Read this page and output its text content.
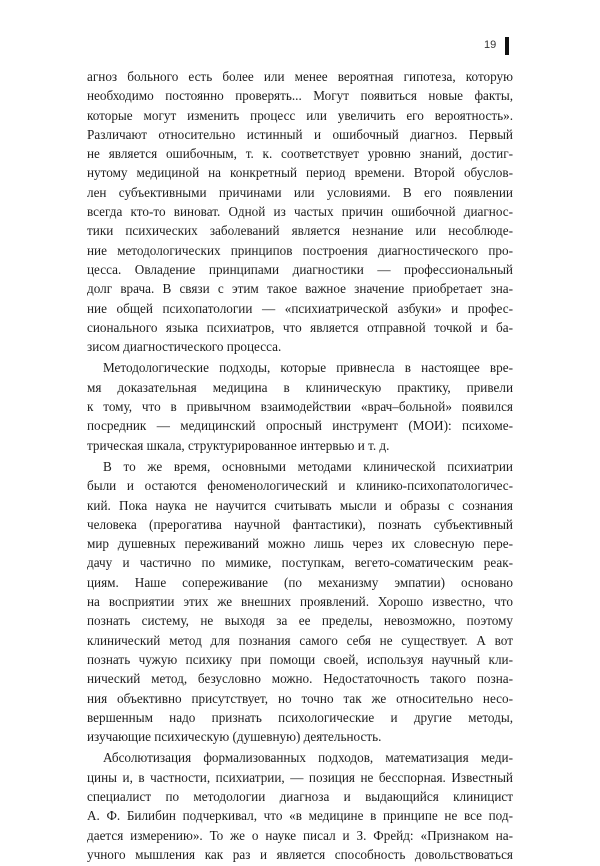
19
агноз больного есть более или менее вероятная гипотеза, которую
необходимо постоянно проверять... Могут появиться новые факты,
которые могут изменить процесс или увеличить его вероятность».
Различают относительно истинный и ошибочный диагноз. Первый
не является ошибочным, т. к. соответствует уровню знаний, достиг-
нутому медициной на конкретный период времени. Второй обуслов-
лен субъективными причинами или условиями. В его появлении
всегда кто-то виноват. Одной из частых причин ошибочной диагнос-
тики психических заболеваний является незнание или несоблюде-
ние методологических принципов построения диагностического про-
цесса. Овладение принципами диагностики — профессиональный
долг врача. В связи с этим такое важное значение приобретает зна-
ние общей психопатологии — «психиатрической азбуки» и профес-
сионального языка психиатров, что является отправной точкой и ба-
зисом диагностического процесса.
Методологические подходы, которые привнесла в настоящее вре-
мя доказательная медицина в клиническую практику, привели
к тому, что в привычном взаимодействии «врач–больной» появился
посредник — медицинский опросный инструмент (МОИ): психоме-
трическая шкала, структурированное интервью и т. д.
В то же время, основными методами клинической психиатрии
были и остаются феноменологический и клинико-психопатологичес-
кий. Пока наука не научится считывать мысли и образы с сознания
человека (прерогатива научной фантастики), познать субъективный
мир душевных переживаний можно лишь через их словесную пере-
дачу и частично по мимике, поступкам, вегето-соматическим реак-
циям. Наше сопереживание (по механизму эмпатии) основано
на восприятии этих же внешних проявлений. Хорошо известно, что
познать систему, не выходя за ее пределы, невозможно, поэтому
клинический метод для познания самого себя не существует. А вот
познать чужую психику при помощи своей, используя научный кли-
нический метод, безусловно можно. Недостаточность такого позна-
ния объективно присутствует, но точно так же относительно несо-
вершенным надо признать психологические и другие методы,
изучающие психическую (душевную) деятельность.
Абсолютизация формализованных подходов, математизация меди-
цины и, в частности, психиатрии, — позиция не бесспорная. Известный
специалист по методологии диагноза и выдающийся клиницист
А. Ф. Билибин подчеркивал, что «в медицине в принципе не все под-
дается измерению». То же о науке писал и З. Фрейд: «Признаком на-
учного мышления как раз и является способность довольствоваться
